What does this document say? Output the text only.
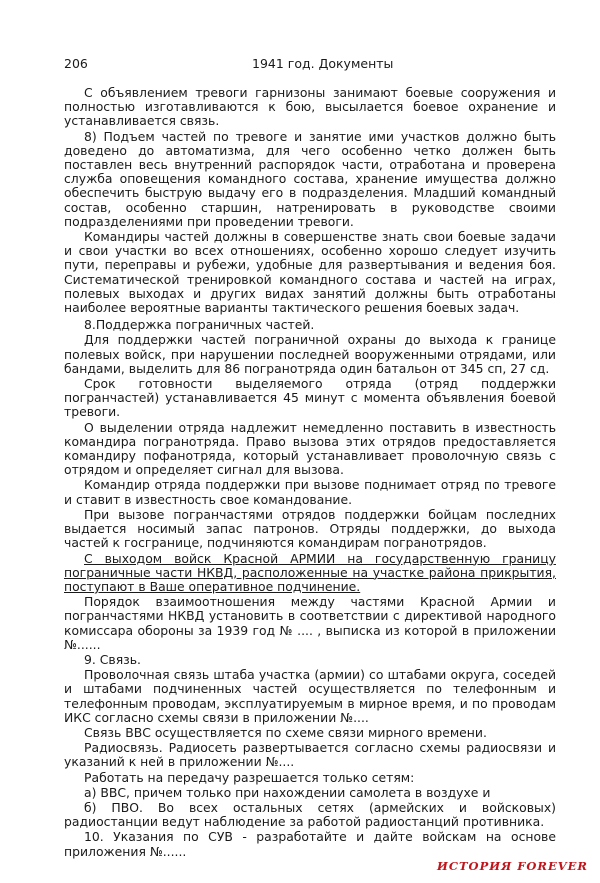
206	1941 год. Документы

С объявлением тревоги гарнизоны занимают боевые сооружения и полностью изготавливаются к бою, высылается боевое охранение и устанавливается связь.

8) Подъем частей по тревоге и занятие ими участков должно быть доведено до автоматизма, для чего особенно четко должен быть поставлен весь внутренний распорядок части, отработана и проверена служба оповещения командного состава, хранение имущества должно обеспечить быструю выдачу его в подразделения. Младший командный состав, особенно старшин, натренировать в руководстве своими подразделениями при проведении тревоги.

Командиры частей должны в совершенстве знать свои боевые задачи и свои участки во всех отношениях, особенно хорошо следует изучить пути, переправы и рубежи, удобные для развертывания и ведения боя. Систематической тренировкой командного состава и частей на играх, полевых выходах и других видах занятий должны быть отработаны наиболее вероятные варианты тактического решения боевых задач.

8.Поддержка пограничных частей.

Для поддержки частей пограничной охраны до выхода к границе полевых войск, при нарушении последней вооруженными отрядами, или бандами, выделить для 86 погранотряда один батальон от 345 сп, 27 сд.

Срок готовности выделяемого отряда (отряд поддержки погранчастей) устанавливается 45 минут с момента объявления боевой тревоги.

О выделении отряда надлежит немедленно поставить в известность командира погранотряда. Право вызова этих отрядов предоставляется командиру пофанотряда, который устанавливает проволочную связь с отрядом и определяет сигнал для вызова.

Командир отряда поддержки при вызове поднимает отряд по тревоге и ставит в известность свое командование.

При вызове погранчастями отрядов поддержки бойцам последних выдается носимый запас патронов. Отряды поддержки, до выхода частей к госгранице, подчиняются командирам погранотрядов.

С выходом войск Красной АРМИИ на государственную границу пограничные части НКВД, расположенные на участке района прикрытия, поступают в Ваше оперативное подчинение.

Порядок взаимоотношения между частями Красной Армии и погранчастями НКВД установить в соответствии с директивой народного комиссара обороны за 1939 год № .... , выписка из которой в приложении №......

9. Связь.

Проволочная связь штаба участка (армии) со штабами округа, соседей и штабами подчиненных частей осуществляется по телефонным и телефонным проводам, эксплуатируемым в мирное время, и по проводам ИКС согласно схемы связи в приложении №....

Связь ВВС осуществляется по схеме связи мирного времени.

Радиосвязь. Радиосеть развертывается согласно схемы радиосвязи и указаний к ней в приложении №....

Работать на передачу разрешается только сетям:

а) ВВС, причем только при нахождении самолета в воздухе и

б) ПВО. Во всех остальных сетях (армейских и войсковых) радиостанции ведут наблюдение за работой радиостанций противника.

10. Указания по СУВ - разработайте и дайте войскам на основе приложения №......

ИСТОРИЯ FOREVER
